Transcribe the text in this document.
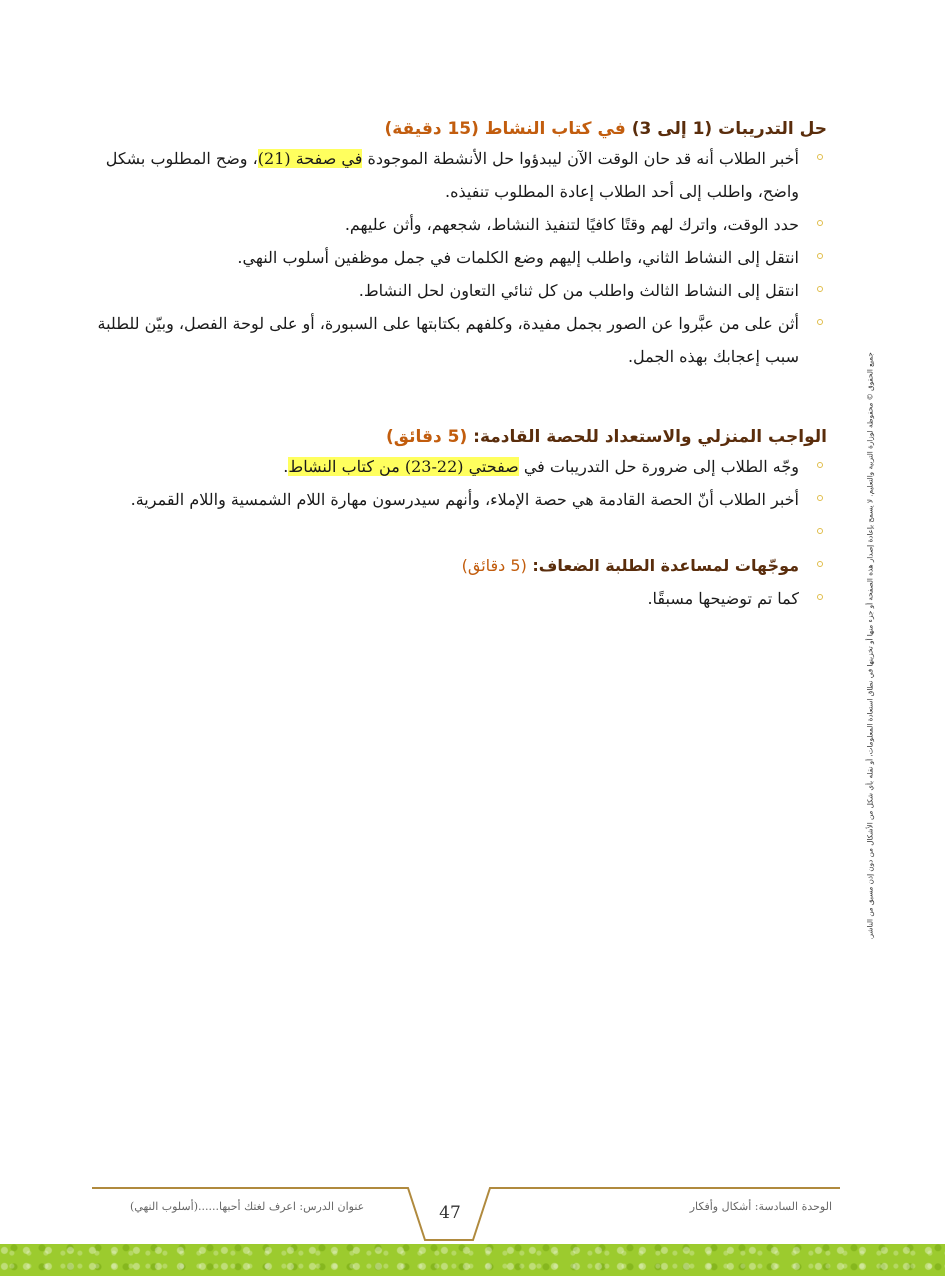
حل التدريبات (1 إلى 3) في كتاب النشاط (15 دقيقة)
أخبر الطلاب أنه قد حان الوقت الآن ليبدؤوا حل الأنشطة الموجودة في صفحة (21)، وضح المطلوب بشكل واضح، واطلب إلى أحد الطلاب إعادة المطلوب تنفيذه.
حدد الوقت، واترك لهم وقتًا كافيًا لتنفيذ النشاط، شجعهم، وأثن عليهم.
انتقل إلى النشاط الثاني، واطلب إليهم وضع الكلمات في جمل موظفين أسلوب النهي.
انتقل إلى النشاط الثالث واطلب من كل ثنائي التعاون لحل النشاط.
أثن على من عبَّروا عن الصور بجمل مفيدة، وكلفهم بكتابتها على السبورة، أو على لوحة الفصل، وبيّن للطلبة سبب إعجابك بهذه الجمل.
الواجب المنزلي والاستعداد للحصة القادمة: (5 دقائق)
وجّه الطلاب إلى ضرورة حل التدريبات في صفحتي (22-23) من كتاب النشاط.
أخبر الطلاب أنّ الحصة القادمة هي حصة الإملاء، وأنهم سيدرسون مهارة اللام الشمسية واللام القمرية.

موجّهات لمساعدة الطلبة الضعاف: (5 دقائق)
كما تم توضيحها مسبقًا.	جميع الحقوق © محفوظة لوزارة التربية والتعليم. لا يسمح بإعادة إصدار هذه الصفحة أو جزء منها أو تخزينها في نطاق استعادة المعلومات، أو نقله بأي شكل من الأشكال من دون إذن مسبق من الناشر.
الوحدة السادسة: أشكال وأفكار
عنوان الدرس: اعرف لغتك أحبها......(أسلوب النهي)	47
